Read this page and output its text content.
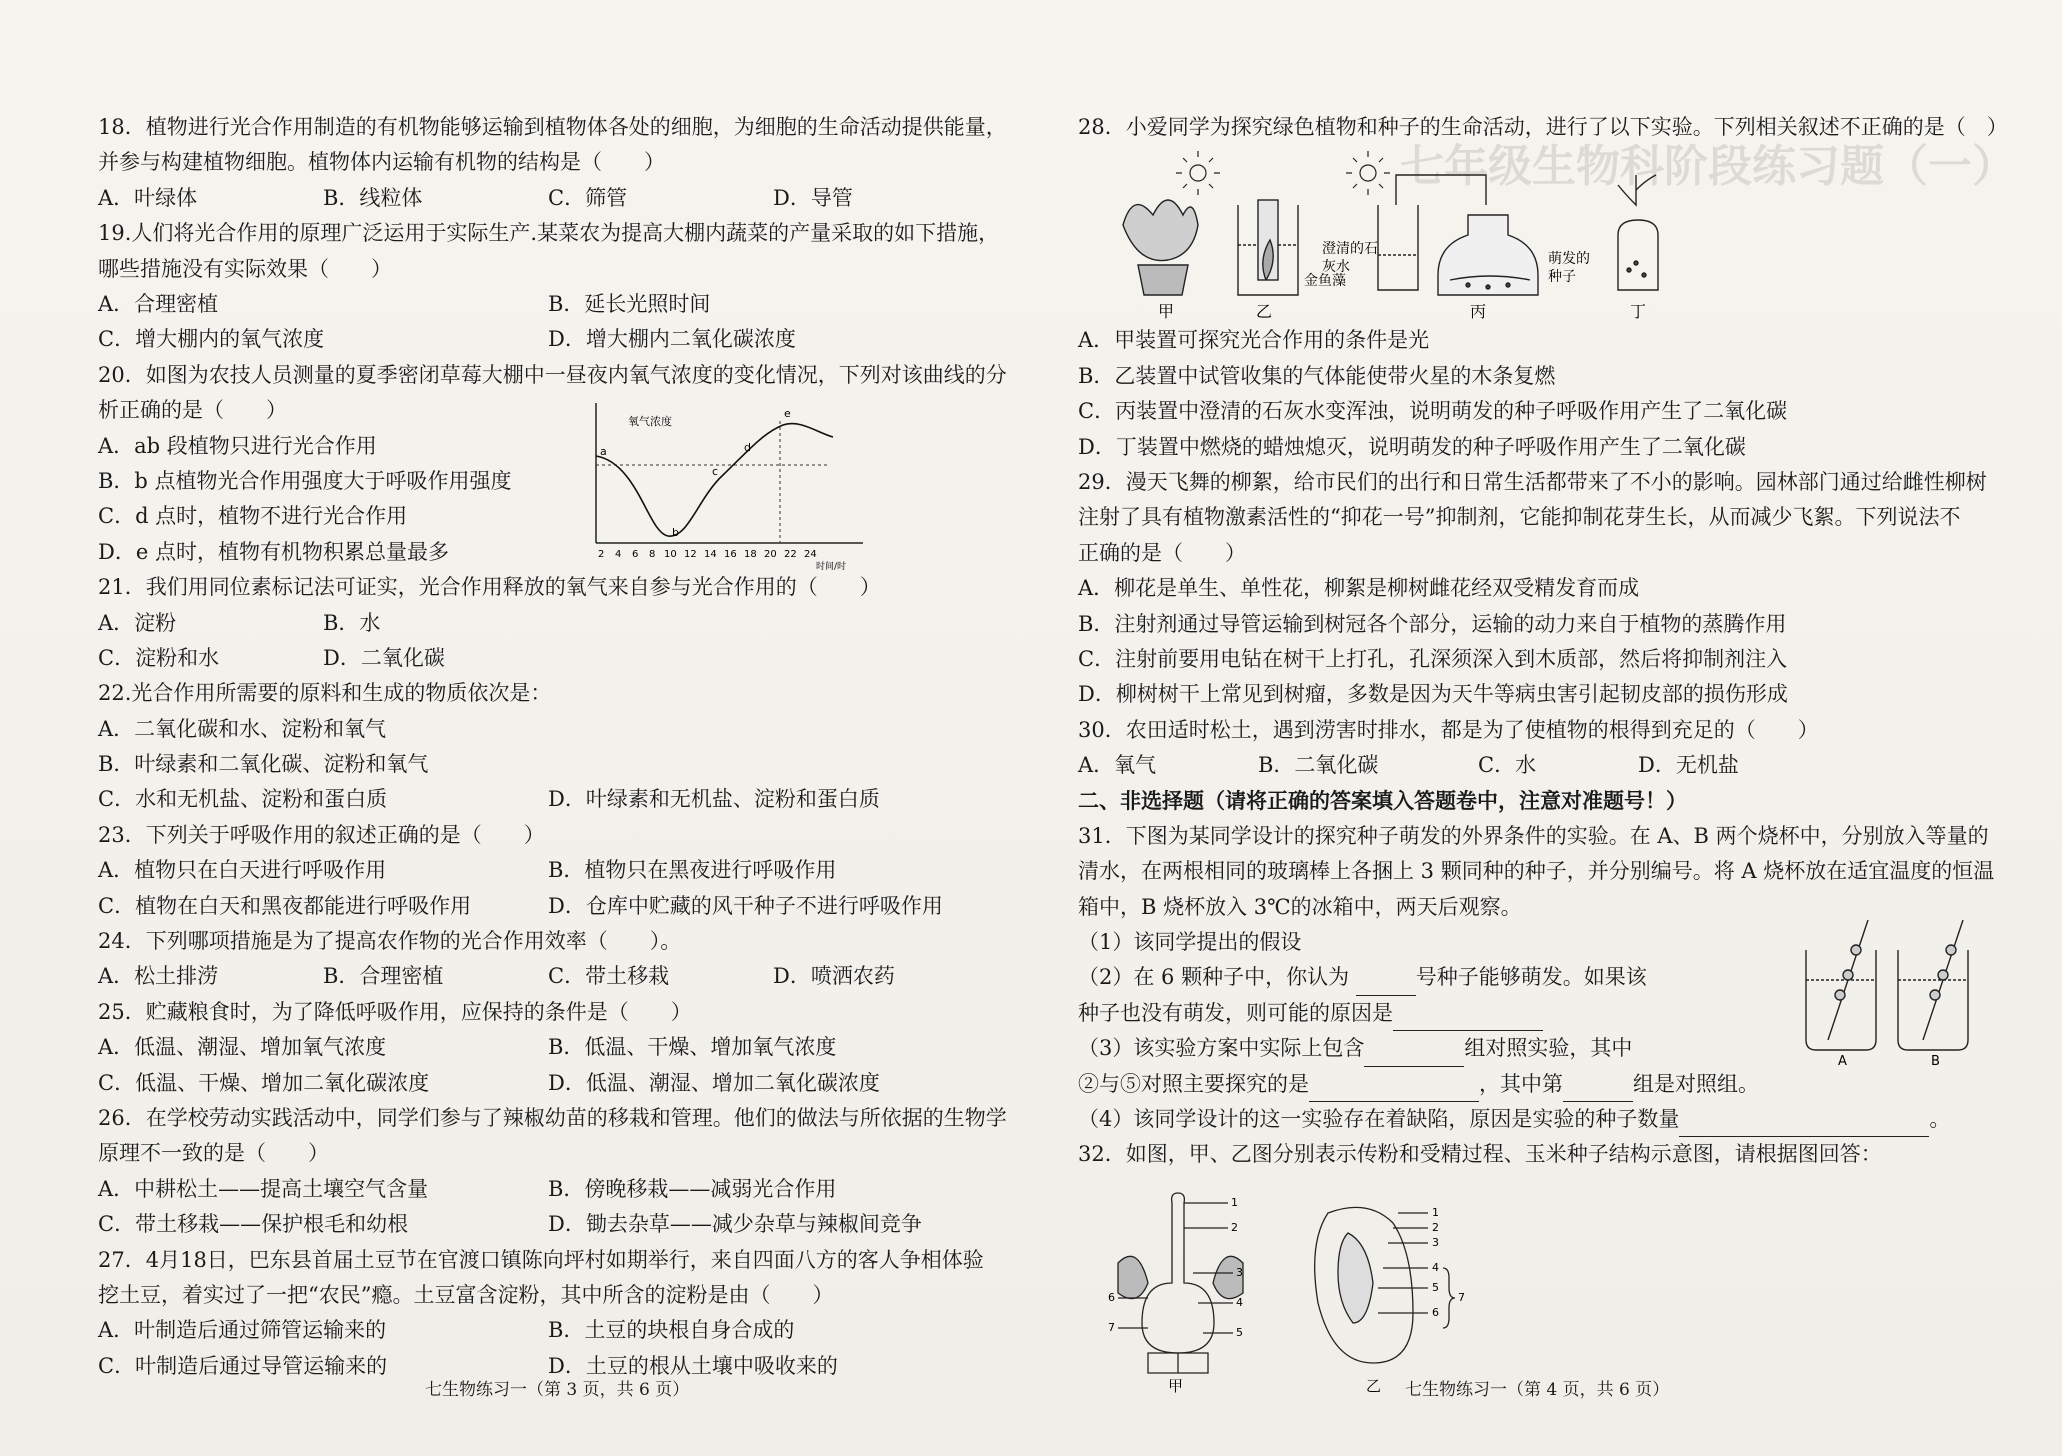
七年级生物科阶段练习题（一）
18．植物进行光合作用制造的有机物能够运输到植物体各处的细胞，为细胞的生命活动提供能量，
并参与构建植物细胞。植物体内运输有机物的结构是（　　）
A．叶绿体	B．线粒体	C．筛管	D．导管
19.人们将光合作用的原理广泛运用于实际生产.某菜农为提高大棚内蔬菜的产量采取的如下措施，
哪些措施没有实际效果（　　）
A．合理密植	B．延长光照时间
C．增大棚内的氧气浓度	D．增大棚内二氧化碳浓度
20．如图为农技人员测量的夏季密闭草莓大棚中一昼夜内氧气浓度的变化情况，下列对该曲线的分
析正确的是（　　）
A．ab 段植物只进行光合作用
B．b 点植物光合作用强度大于呼吸作用强度
C．d 点时，植物不进行光合作用
D．e 点时，植物有机物积累总量最多
氧气浓度
a
b
c
d
e
2 4 6 8 10 12 14 16 18 20 22 24
时间/时
21．我们用同位素标记法可证实，光合作用释放的氧气来自参与光合作用的（　　）
A．淀粉	B．水
C．淀粉和水	D．二氧化碳
22.光合作用所需要的原料和生成的物质依次是：
A．二氧化碳和水、淀粉和氧气
B．叶绿素和二氧化碳、淀粉和氧气
C．水和无机盐、淀粉和蛋白质	D．叶绿素和无机盐、淀粉和蛋白质
23．下列关于呼吸作用的叙述正确的是（　　）
A．植物只在白天进行呼吸作用	B．植物只在黑夜进行呼吸作用
C．植物在白天和黑夜都能进行呼吸作用	D．仓库中贮藏的风干种子不进行呼吸作用
24．下列哪项措施是为了提高农作物的光合作用效率（　　）。
A．松土排涝	B．合理密植	C．带土移栽	D．喷洒农药
25．贮藏粮食时，为了降低呼吸作用，应保持的条件是（　　）
A．低温、潮湿、增加氧气浓度	B．低温、干燥、增加氧气浓度
C．低温、干燥、增加二氧化碳浓度	D．低温、潮湿、增加二氧化碳浓度
26．在学校劳动实践活动中，同学们参与了辣椒幼苗的移栽和管理。他们的做法与所依据的生物学
原理不一致的是（　　）
A．中耕松土——提高土壤空气含量	B．傍晚移栽——减弱光合作用
C．带土移栽——保护根毛和幼根	D．锄去杂草——减少杂草与辣椒间竞争
27．4月18日，巴东县首届土豆节在官渡口镇陈向坪村如期举行，来自四面八方的客人争相体验
挖土豆，着实过了一把“农民”瘾。土豆富含淀粉，其中所含的淀粉是由（　　）
A．叶制造后通过筛管运输来的	B．土豆的块根自身合成的
C．叶制造后通过导管运输来的	D．土豆的根从土壤中吸收来的
七生物练习一（第 3 页，共 6 页）
28．小爱同学为探究绿色植物和种子的生命活动，进行了以下实验。下列相关叙述不正确的是（　）
甲
金鱼藻
乙
澄清的石
灰水
丙
萌发的
种子
丁
A．甲装置可探究光合作用的条件是光
B．乙装置中试管收集的气体能使带火星的木条复燃
C．丙装置中澄清的石灰水变浑浊，说明萌发的种子呼吸作用产生了二氧化碳
D．丁装置中燃烧的蜡烛熄灭，说明萌发的种子呼吸作用产生了二氧化碳
29．漫天飞舞的柳絮，给市民们的出行和日常生活都带来了不小的影响。园林部门通过给雌性柳树
注射了具有植物激素活性的“抑花一号”抑制剂，它能抑制花芽生长，从而减少飞絮。下列说法不
正确的是（　　）
A．柳花是单生、单性花，柳絮是柳树雌花经双受精发育而成
B．注射剂通过导管运输到树冠各个部分，运输的动力来自于植物的蒸腾作用
C．注射前要用电钻在树干上打孔，孔深须深入到木质部，然后将抑制剂注入
D．柳树树干上常见到树瘤，多数是因为天牛等病虫害引起韧皮部的损伤形成
30．农田适时松土，遇到涝害时排水，都是为了使植物的根得到充足的（　　）
A．氧气	B．二氧化碳	C．水	D．无机盐
二、非选择题（请将正确的答案填入答题卷中，注意对准题号！）
31．下图为某同学设计的探究种子萌发的外界条件的实验。在 A、B 两个烧杯中，分别放入等量的
清水，在两根相同的玻璃棒上各捆上 3 颗同种的种子，并分别编号。将 A 烧杯放在适宜温度的恒温
箱中，B 烧杯放入 3℃的冰箱中，两天后观察。
（1）该同学提出的假设
（2）在 6 颗种子中，你认为	号种子能够萌发。如果该
种子也没有萌发，则可能的原因是
（3）该实验方案中实际上包含	组对照实验，其中
②与⑤对照主要探究的是	，其中第	组是对照组。
A	B
（4）该同学设计的这一实验存在着缺陷，原因是实验的种子数量	。
32．如图，甲、乙图分别表示传粉和受精过程、玉米种子结构示意图，请根据图回答：
1
2
3
4
5
6
7
甲
1
2
3
4
5
6
7
乙 七生物练习一（第 4 页，共 6 页）
